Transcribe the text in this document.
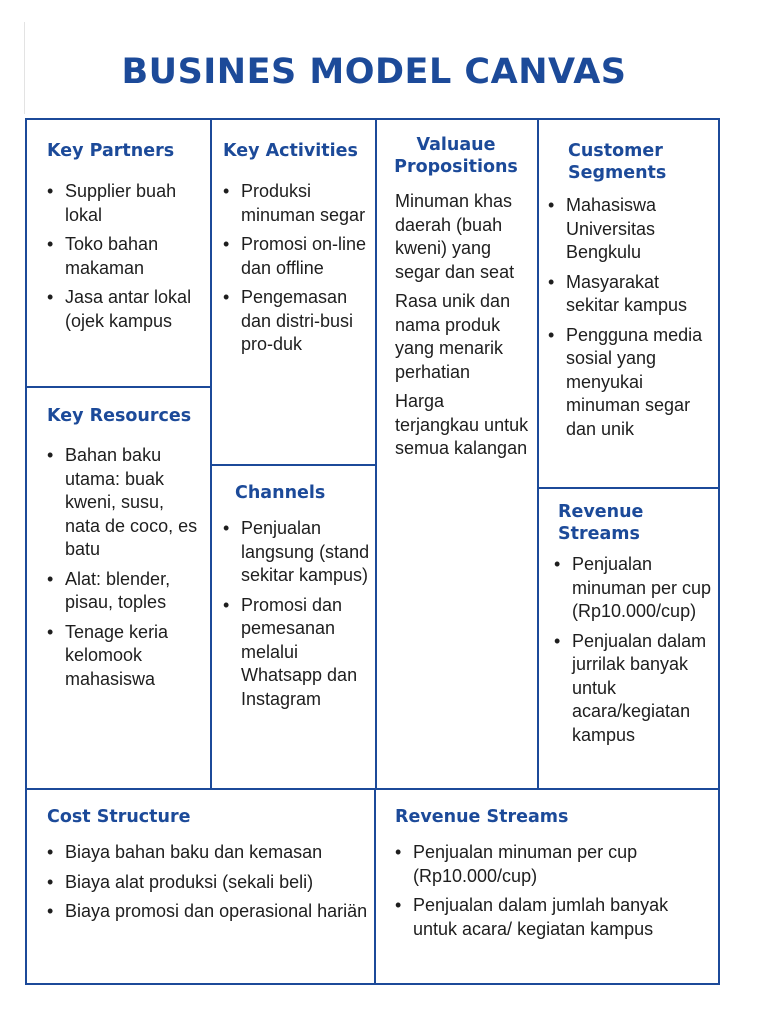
BUSINES MODEL CANVAS
Key Partners
• Supplier buah lokal
• Toko bahan makaman
• Jasa antar lokal (ojek kampus
Key Resources
• Bahan baku utama: buak kweni, susu, nata de coco, es batu
• Alat: blender, pisau, toples
• Tenage keria kelomook mahasiswa
Key Activities
• Produksi minuman segar
• Promosi on-line dan offline
• Pengemasan dan distri-busi pro-duk
Channels
• Penjualan langsung (stand sekitar kampus)
• Promosi dan pemesanan melalui Whatsapp dan Instagram
Valuaue Propositions

Minuman khas daerah (buah kweni) yang segar dan seat

Rasa unik dan nama produk yang menarik perhatian

Harga terjangkau untuk semua kalangan

Customer Segments
• Mahasiswa Universitas Bengkulu
• Masyarakat sekitar kampus
• Pengguna media sosial yang menyukai minuman segar dan unik
Revenue Streams
• Penjualan minuman per cup (Rp10.000/cup)
• Penjualan dalam jurrilak banyak untuk acara/kegiatan kampus
Cost Structure
• Biaya bahan baku dan kemasan
• Biaya alat produksi (sekali beli)
• Biaya promosi dan operasional hariän
Revenue Streams
• Penjualan minuman per cup (Rp10.000/cup)
• Penjualan dalam jumlah banyak untuk acara/ kegiatan kampus
